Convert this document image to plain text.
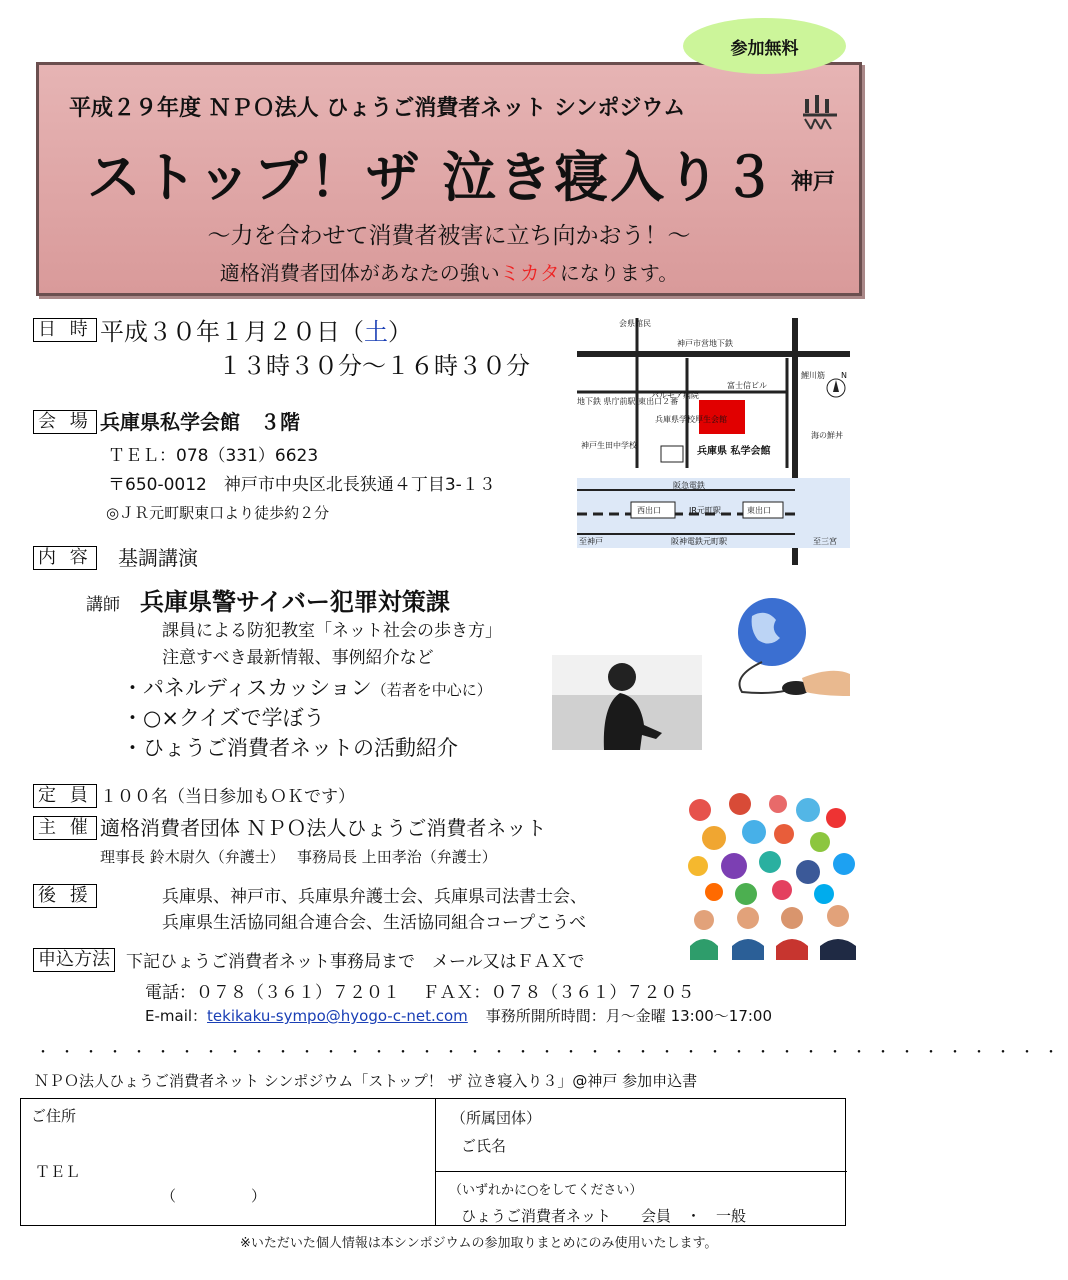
参加無料
平成２９年度 ＮＰＯ法人 ひょうご消費者ネット シンポジウム
ストップ！ザ 泣き寝入り３ 神戸
〜力を合わせて消費者被害に立ち向かおう！〜
適格消費者団体があなたの強いミカタになります。
日 時 平成３０年１月２０日（土）
１３時３０分〜１６時３０分
会 場 兵庫県私学会館　３階
ＴＥＬ：078（331）6623
〒650-0012　神戸市中央区北長狭通４丁目3-１３
◎ＪＲ元町駅東口より徒歩約２分
会県館民
神戸市営地下鉄
鯉川筋
地下鉄 県庁前駅 東出口２番
パルモア病院
兵庫県学校厚生会館
富士信ビル
兵庫県 私学会館
神戸生田中学校
海の鮮丼
阪急電鉄
西出口	JR元町駅	東出口
至神戸	阪神電鉄元町駅	至三宮
N
内 容 基調講演
講師 兵庫県警サイバー犯罪対策課
課員による防犯教室「ネット社会の歩き方」
注意すべき最新情報、事例紹介など
・パネルディスカッション（若者を中心に）
・○×クイズで学ぼう
・ひょうご消費者ネットの活動紹介
定 員 １００名（当日参加もＯＫです）
主 催 適格消費者団体 ＮＰＯ法人ひょうご消費者ネット
理事長 鈴木尉久（弁護士）　 事務局長 上田孝治（弁護士）
後 援	兵庫県、神戸市、兵庫県弁護士会、兵庫県司法書士会、
兵庫県生活協同組合連合会、生活協同組合コープこうべ
申込方法 下記ひょうご消費者ネット事務局まで　メール又はＦＡＸで
電話：０７８（３６１）７２０１　 ＦＡＸ：０７８（３６１）７２０５
E-mail：tekikaku-sympo@hyogo-c-net.com 事務所開所時間：月〜金曜 13:00〜17:00
・・・・・・・・・・・・・・・・・・・・・・・・・・・・・・・・・・・・・・・・・・・
ＮＰＯ法人ひょうご消費者ネット シンポジウム「ストップ！ ザ 泣き寝入り３」@神戸 参加申込書
ご住所
ＴＥＬ
（　　　　　）
（所属団体）
ご氏名
（いずれかに○をしてください）
ひょうご消費者ネット　　会員　・　一般
※いただいた個人情報は本シンポジウムの参加取りまとめにのみ使用いたします。
